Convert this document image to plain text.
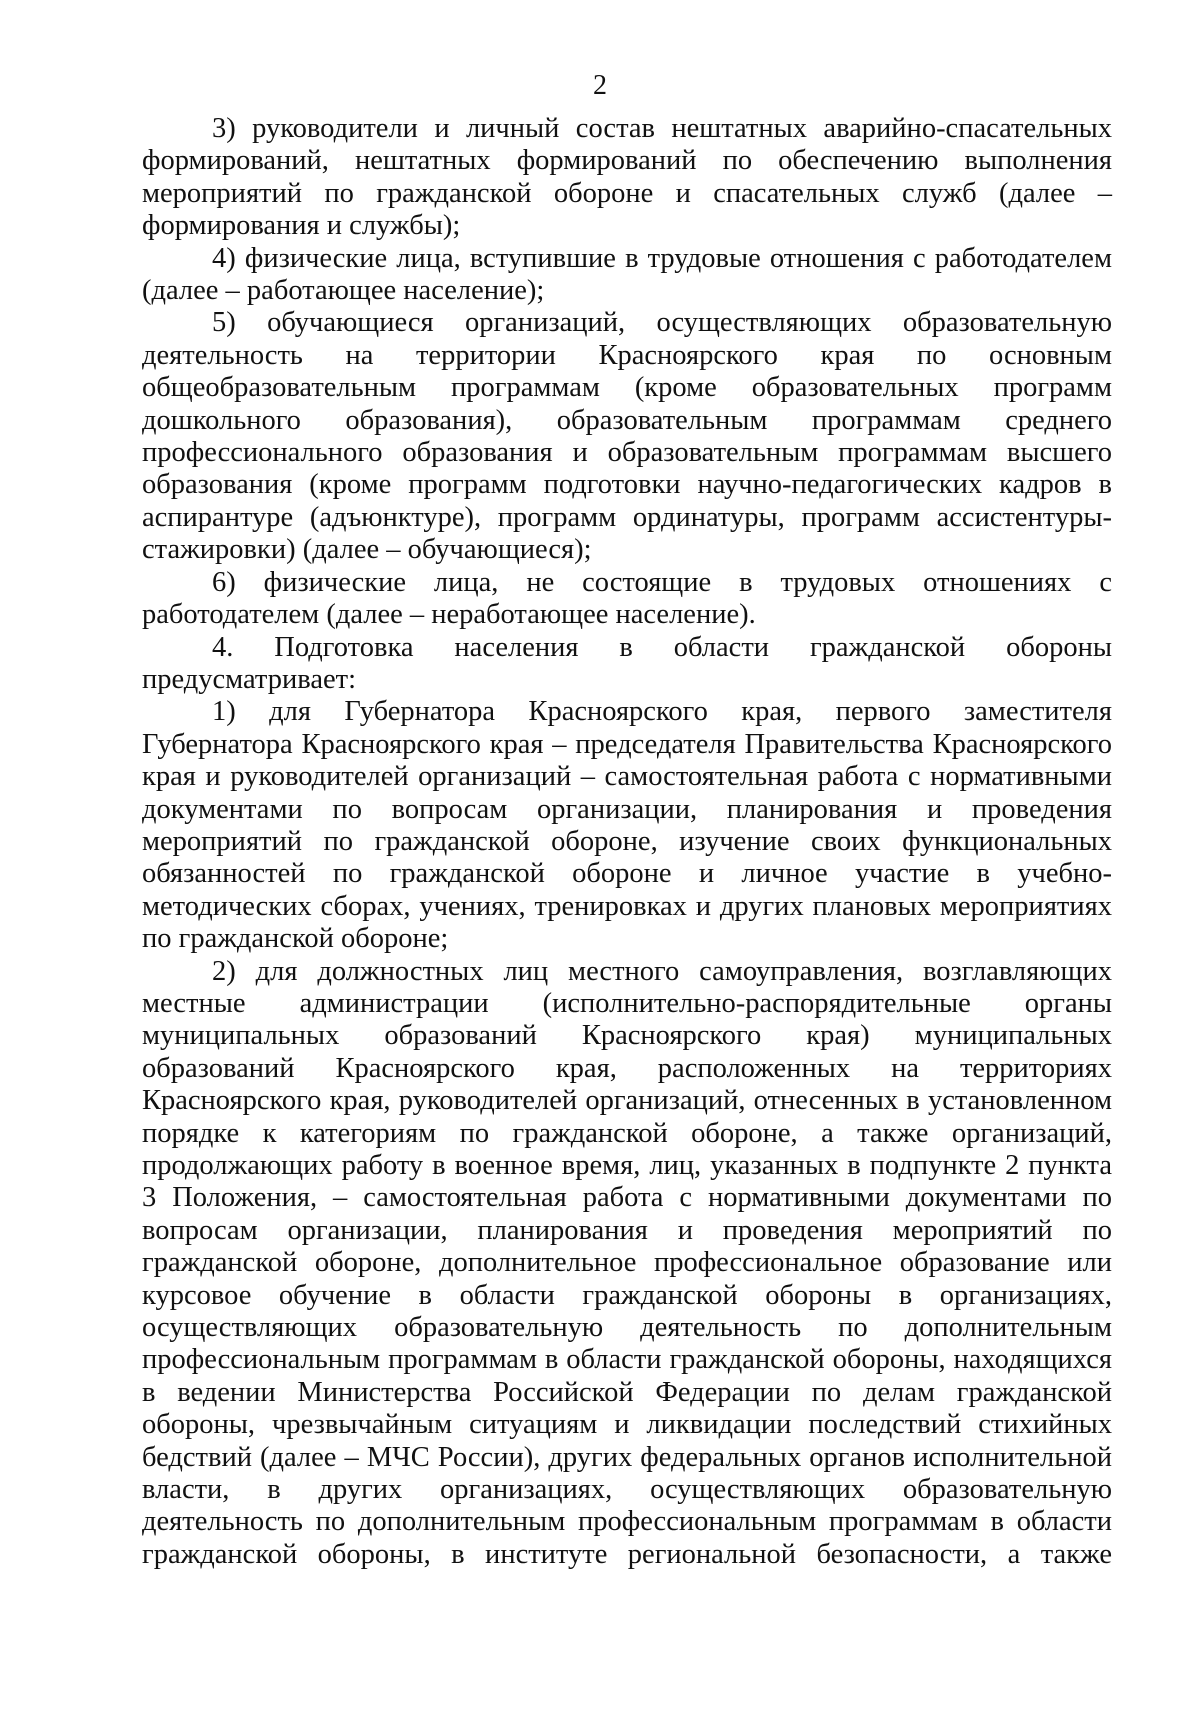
2

3) руководители и личный состав нештатных аварийно-спасательных формирований, нештатных формирований по обеспечению выполнения мероприятий по гражданской обороне и спасательных служб (далее – формирования и службы);

4) физические лица, вступившие в трудовые отношения с работодателем (далее – работающее население);

5) обучающиеся организаций, осуществляющих образовательную деятельность на территории Красноярского края по основным общеобразовательным программам (кроме образовательных программ дошкольного образования), образовательным программам среднего профессионального образования и образовательным программам высшего образования (кроме программ подготовки научно-педагогических кадров в аспирантуре (адъюнктуре), программ ординатуры, программ ассистентуры-стажировки) (далее – обучающиеся);

6) физические лица, не состоящие в трудовых отношениях с работодателем (далее – неработающее население).

4. Подготовка населения в области гражданской обороны предусматривает:

1) для Губернатора Красноярского края, первого заместителя Губернатора Красноярского края – председателя Правительства Красноярского края и руководителей организаций – самостоятельная работа с нормативными документами по вопросам организации, планирования и проведения мероприятий по гражданской обороне, изучение своих функциональных обязанностей по гражданской обороне и личное участие в учебно-методических сборах, учениях, тренировках и других плановых мероприятиях по гражданской обороне;

2) для должностных лиц местного самоуправления, возглавляющих местные администрации (исполнительно-распорядительные органы муниципальных образований Красноярского края) муниципальных образований Красноярского края, расположенных на территориях Красноярского края, руководителей организаций, отнесенных в установленном порядке к категориям по гражданской обороне, а также организаций, продолжающих работу в военное время, лиц, указанных в подпункте 2 пункта 3 Положения, – самостоятельная работа с нормативными документами по вопросам организации, планирования и проведения мероприятий по гражданской обороне, дополнительное профессиональное образование или курсовое обучение в области гражданской обороны в организациях, осуществляющих образовательную деятельность по дополнительным профессиональным программам в области гражданской обороны, находящихся в ведении Министерства Российской Федерации по делам гражданской обороны, чрезвычайным ситуациям и ликвидации последствий стихийных бедствий (далее – МЧС России), других федеральных органов исполнительной власти, в других организациях, осуществляющих образовательную деятельность по дополнительным профессиональным программам в области гражданской обороны, в институте региональной безопасности, а также
